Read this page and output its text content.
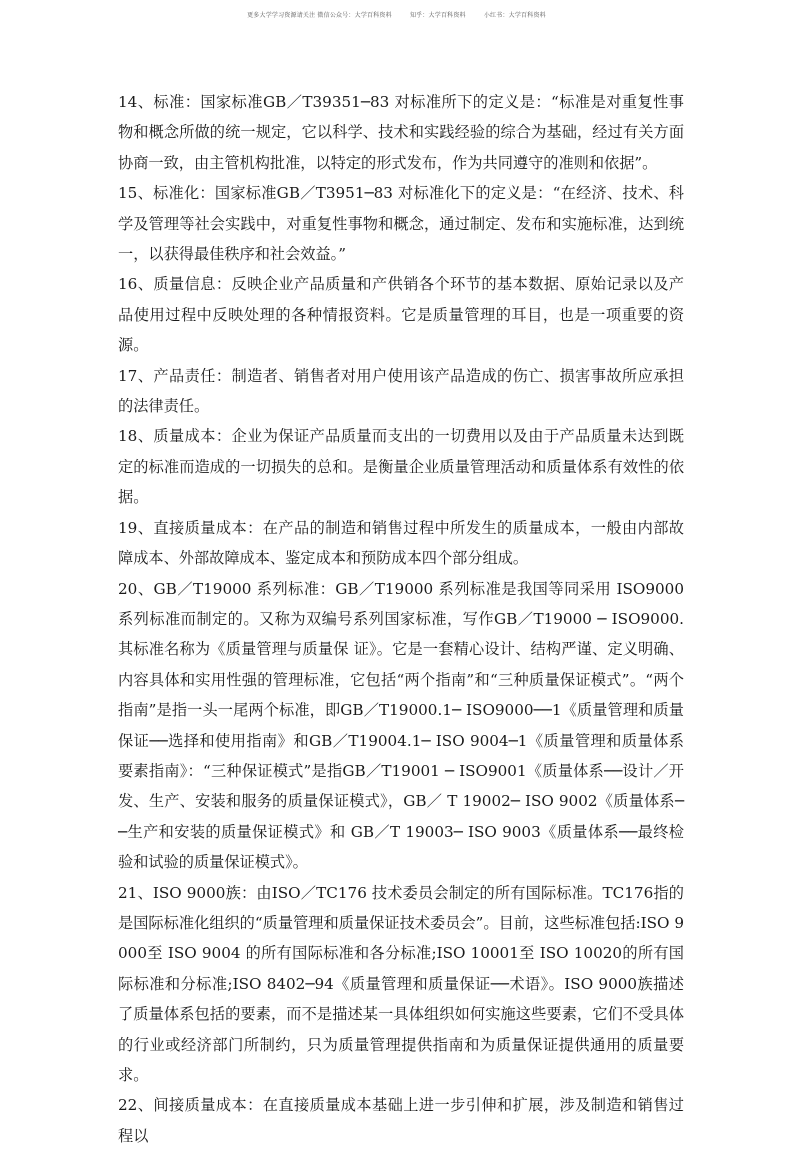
更多大学学习资源请关注 微信公众号：大学百科资料	知乎：大学百科资料	小红书：大学百科资料

14、标准：国家标准GB／T39351─83 对标准所下的定义是：“标准是对重复性事物和概念所做的统一规定，它以科学、技术和实践经验的综合为基础，经过有关方面协商一致，由主管机构批准，以特定的形式发布，作为共同遵守的准则和依据”。

15、标准化：国家标准GB／T3951─83 对标准化下的定义是：“在经济、技术、科学及管理等社会实践中，对重复性事物和概念，通过制定、发布和实施标准，达到统一，以获得最佳秩序和社会效益。”

16、质量信息：反映企业产品质量和产供销各个环节的基本数据、原始记录以及产品使用过程中反映处理的各种情报资料。它是质量管理的耳目，也是一项重要的资源。

17、产品责任：制造者、销售者对用户使用该产品造成的伤亡、损害事故所应承担的法律责任。

18、质量成本：企业为保证产品质量而支出的一切费用以及由于产品质量未达到既定的标准而造成的一切损失的总和。是衡量企业质量管理活动和质量体系有效性的依据。

19、直接质量成本：在产品的制造和销售过程中所发生的质量成本，一般由内部故障成本、外部故障成本、鉴定成本和预防成本四个部分组成。

20、GB／T19000 系列标准：GB／T19000 系列标准是我国等同采用 ISO9000系列标准而制定的。又称为双编号系列国家标准，写作GB／T19000 ─ ISO9000.其标准名称为《质量管理与质量保 证》。它是一套精心设计、结构严谨、定义明确、内容具体和实用性强的管理标准，它包括“两个指南”和“三种质量保证模式”。“两个指南”是指一头一尾两个标准，即GB／T19000.1─ ISO9000──1《质量管理和质量保证──选择和使用指南》和GB／T19004.1─ ISO 9004─1《质量管理和质量体系要素指南》：“三种保证模式”是指GB／T19001 ─ ISO9001《质量体系──设计／开发、生产、安装和服务的质量保证模式》，GB／ T 19002─ ISO 9002《质量体系──生产和安装的质量保证模式》和 GB／T 19003─ ISO 9003《质量体系──最终检验和试验的质量保证模式》。

21、ISO 9000族：由ISO／TC176 技术委员会制定的所有国际标准。TC176指的是国际标准化组织的“质量管理和质量保证技术委员会”。目前，这些标准包括:ISO 9000至 ISO 9004 的所有国际标准和各分标准;ISO 10001至 ISO 10020的所有国际标准和分标准;ISO 8402─94《质量管理和质量保证──术语》。ISO 9000族描述了质量体系包括的要素，而不是描述某一具体组织如何实施这些要素，它们不受具体的行业或经济部门所制约，只为质量管理提供指南和为质量保证提供通用的质量要求。

22、间接质量成本：在直接质量成本基础上进一步引伸和扩展，涉及制造和销售过程以
